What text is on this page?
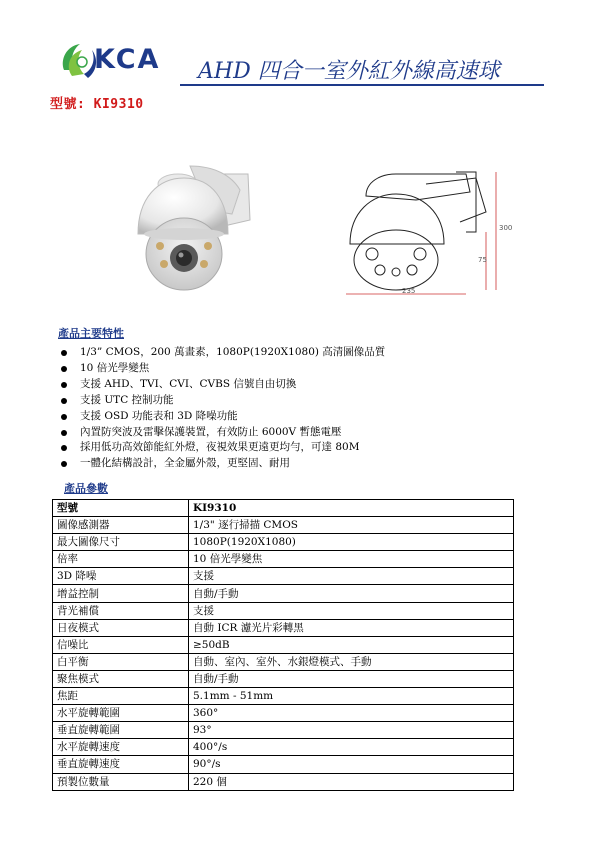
KCA	AHD 四合一室外紅外線高速球
型號: KI9310
235
300
75
產品主要特性
1/3” CMOS，200 萬畫素，1080P(1920X1080) 高清圖像品質
10 倍光學變焦
支援 AHD、TVI、CVI、CVBS 信號自由切換
支援 UTC 控制功能
支援 OSD 功能表和 3D 降噪功能
內置防突波及雷擊保護裝置，有效防止 6000V 暫態電壓
採用低功高效節能紅外燈，夜視效果更遠更均勻，可達 80M
一體化結構設計，全金屬外殼，更堅固、耐用
產品參數
型號	KI9310
圖像感測器	1/3" 逐行掃描 CMOS
最大圖像尺寸	1080P(1920X1080)
倍率	10 倍光學變焦
3D 降噪	支援
增益控制	自動/手動
背光補償	支援
日夜模式	自動 ICR 濾光片彩轉黑
信噪比	≥50dB
白平衡	自動、室內、室外、水銀燈模式、手動
聚焦模式	自動/手動
焦距	5.1mm - 51mm
水平旋轉範圍	360°
垂直旋轉範圍	93°
水平旋轉速度	400°/s
垂直旋轉速度	90°/s
預製位數量	220 個
